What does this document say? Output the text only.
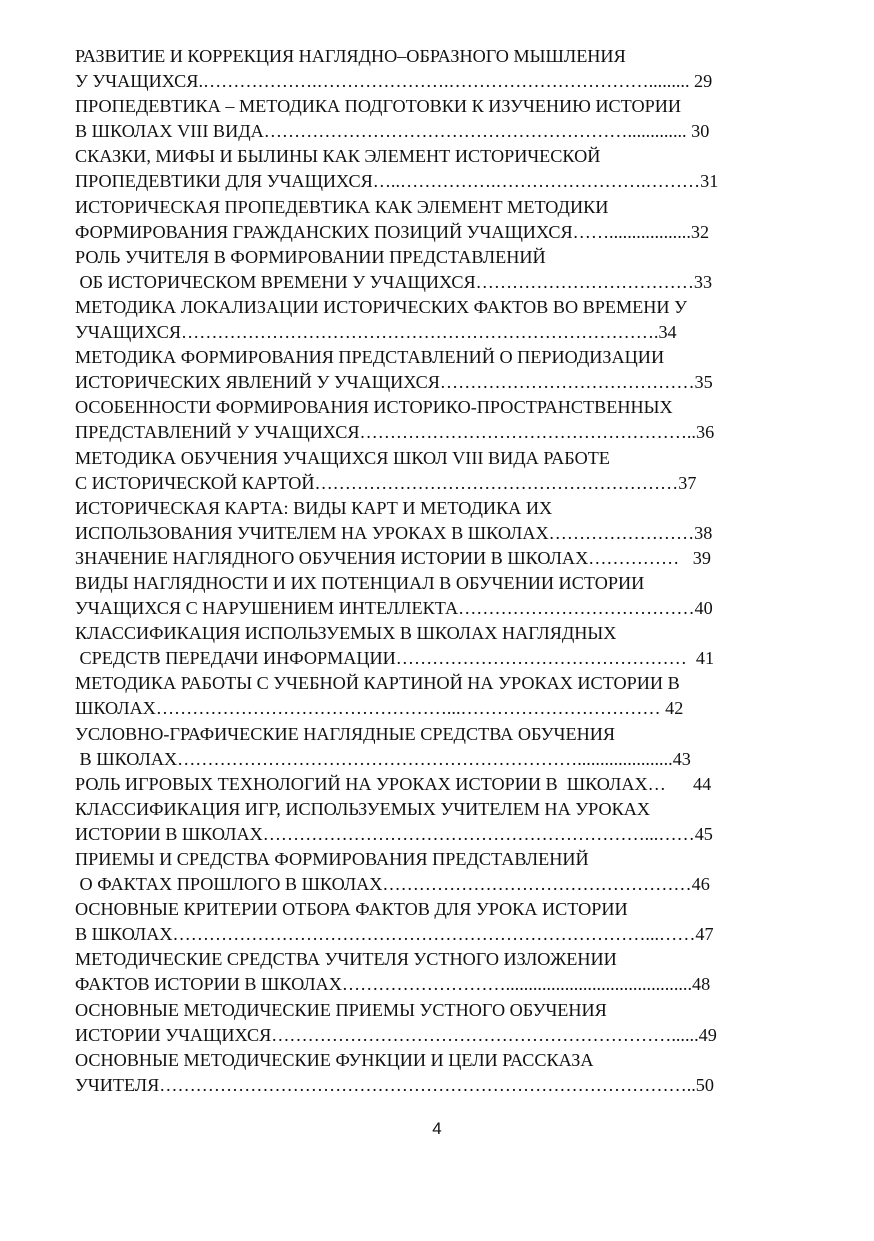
РАЗВИТИЕ И КОРРЕКЦИЯ НАГЛЯДНО–ОБРАЗНОГО МЫШЛЕНИЯ
У УЧАЩИХСЯ.……………….………………….……………………………......... 29
ПРОПЕДЕВТИКА – МЕТОДИКА ПОДГОТОВКИ К ИЗУЧЕНИЮ ИСТОРИИ
В ШКОЛАХ VIII ВИДА……………………………………………………............. 30
СКАЗКИ, МИФЫ И БЫЛИНЫ КАК ЭЛЕМЕНТ ИСТОРИЧЕСКОЙ
ПРОПЕДЕВТИКИ ДЛЯ УЧАЩИХСЯ…..…………….…………………….………31
ИСТОРИЧЕСКАЯ ПРОПЕДЕВТИКА КАК ЭЛЕМЕНТ МЕТОДИКИ
ФОРМИРОВАНИЯ ГРАЖДАНСКИХ ПОЗИЦИЙ УЧАЩИХСЯ……..................32
РОЛЬ УЧИТЕЛЯ В ФОРМИРОВАНИИ ПРЕДСТАВЛЕНИЙ
ОБ ИСТОРИЧЕСКОМ ВРЕМЕНИ У УЧАЩИХСЯ………………………………33
МЕТОДИКА ЛОКАЛИЗАЦИИ ИСТОРИЧЕСКИХ ФАКТОВ ВО ВРЕМЕНИ У
УЧАЩИХСЯ…………………………………………………………………….34
МЕТОДИКА ФОРМИРОВАНИЯ ПРЕДСТАВЛЕНИЙ О ПЕРИОДИЗАЦИИ
ИСТОРИЧЕСКИХ ЯВЛЕНИЙ У УЧАЩИХСЯ……………………………………35
ОСОБЕННОСТИ ФОРМИРОВАНИЯ ИСТОРИКО-ПРОСТРАНСТВЕННЫХ
ПРЕДСТАВЛЕНИЙ У УЧАЩИХСЯ………………………………………………..36
МЕТОДИКА ОБУЧЕНИЯ УЧАЩИХСЯ ШКОЛ VIII ВИДА РАБОТЕ
С ИСТОРИЧЕСКОЙ КАРТОЙ……………………………………………………37
ИСТОРИЧЕСКАЯ КАРТА: ВИДЫ КАРТ И МЕТОДИКА ИХ
ИСПОЛЬЗОВАНИЯ УЧИТЕЛЕМ НА УРОКАХ В ШКОЛАХ……………………38
ЗНАЧЕНИЕ НАГЛЯДНОГО ОБУЧЕНИЯ ИСТОРИИ В ШКОЛАХ……………   39
ВИДЫ НАГЛЯДНОСТИ И ИХ ПОТЕНЦИАЛ В ОБУЧЕНИИ ИСТОРИИ
УЧАЩИХСЯ С НАРУШЕНИЕМ ИНТЕЛЛЕКТА…………………………………40
КЛАССИФИКАЦИЯ ИСПОЛЬЗУЕМЫХ В ШКОЛАХ НАГЛЯДНЫХ
СРЕДСТВ ПЕРЕДАЧИ ИНФОРМАЦИИ…………………………………………  41
МЕТОДИКА РАБОТЫ С УЧЕБНОЙ КАРТИНОЙ НА УРОКАХ ИСТОРИИ В
ШКОЛАХ…………………………………………...…………………………… 42
УСЛОВНО-ГРАФИЧЕСКИЕ НАГЛЯДНЫЕ СРЕДСТВА ОБУЧЕНИЯ
В ШКОЛАХ………………………………………………………….....................43
РОЛЬ ИГРОВЫХ ТЕХНОЛОГИЙ НА УРОКАХ ИСТОРИИ В  ШКОЛАХ…      44
КЛАССИФИКАЦИЯ ИГР, ИСПОЛЬЗУЕМЫХ УЧИТЕЛЕМ НА УРОКАХ
ИСТОРИИ В ШКОЛАХ………………………………………………………...……45
ПРИЕМЫ И СРЕДСТВА ФОРМИРОВАНИЯ ПРЕДСТАВЛЕНИЙ
О ФАКТАХ ПРОШЛОГО В ШКОЛАХ……………………………………………46
ОСНОВНЫЕ КРИТЕРИИ ОТБОРА ФАКТОВ ДЛЯ УРОКА ИСТОРИИ
В ШКОЛАХ……………………………………………………………………...……47
МЕТОДИЧЕСКИЕ СРЕДСТВА УЧИТЕЛЯ УСТНОГО ИЗЛОЖЕНИИ
ФАКТОВ ИСТОРИИ В ШКОЛАХ……………………….........................................48
ОСНОВНЫЕ МЕТОДИЧЕСКИЕ ПРИЕМЫ УСТНОГО ОБУЧЕНИЯ
ИСТОРИИ УЧАЩИХСЯ…………………………………………………………......49
ОСНОВНЫЕ МЕТОДИЧЕСКИЕ ФУНКЦИИ И ЦЕЛИ РАССКАЗА
УЧИТЕЛЯ……………………………………………………………………………..50
4
